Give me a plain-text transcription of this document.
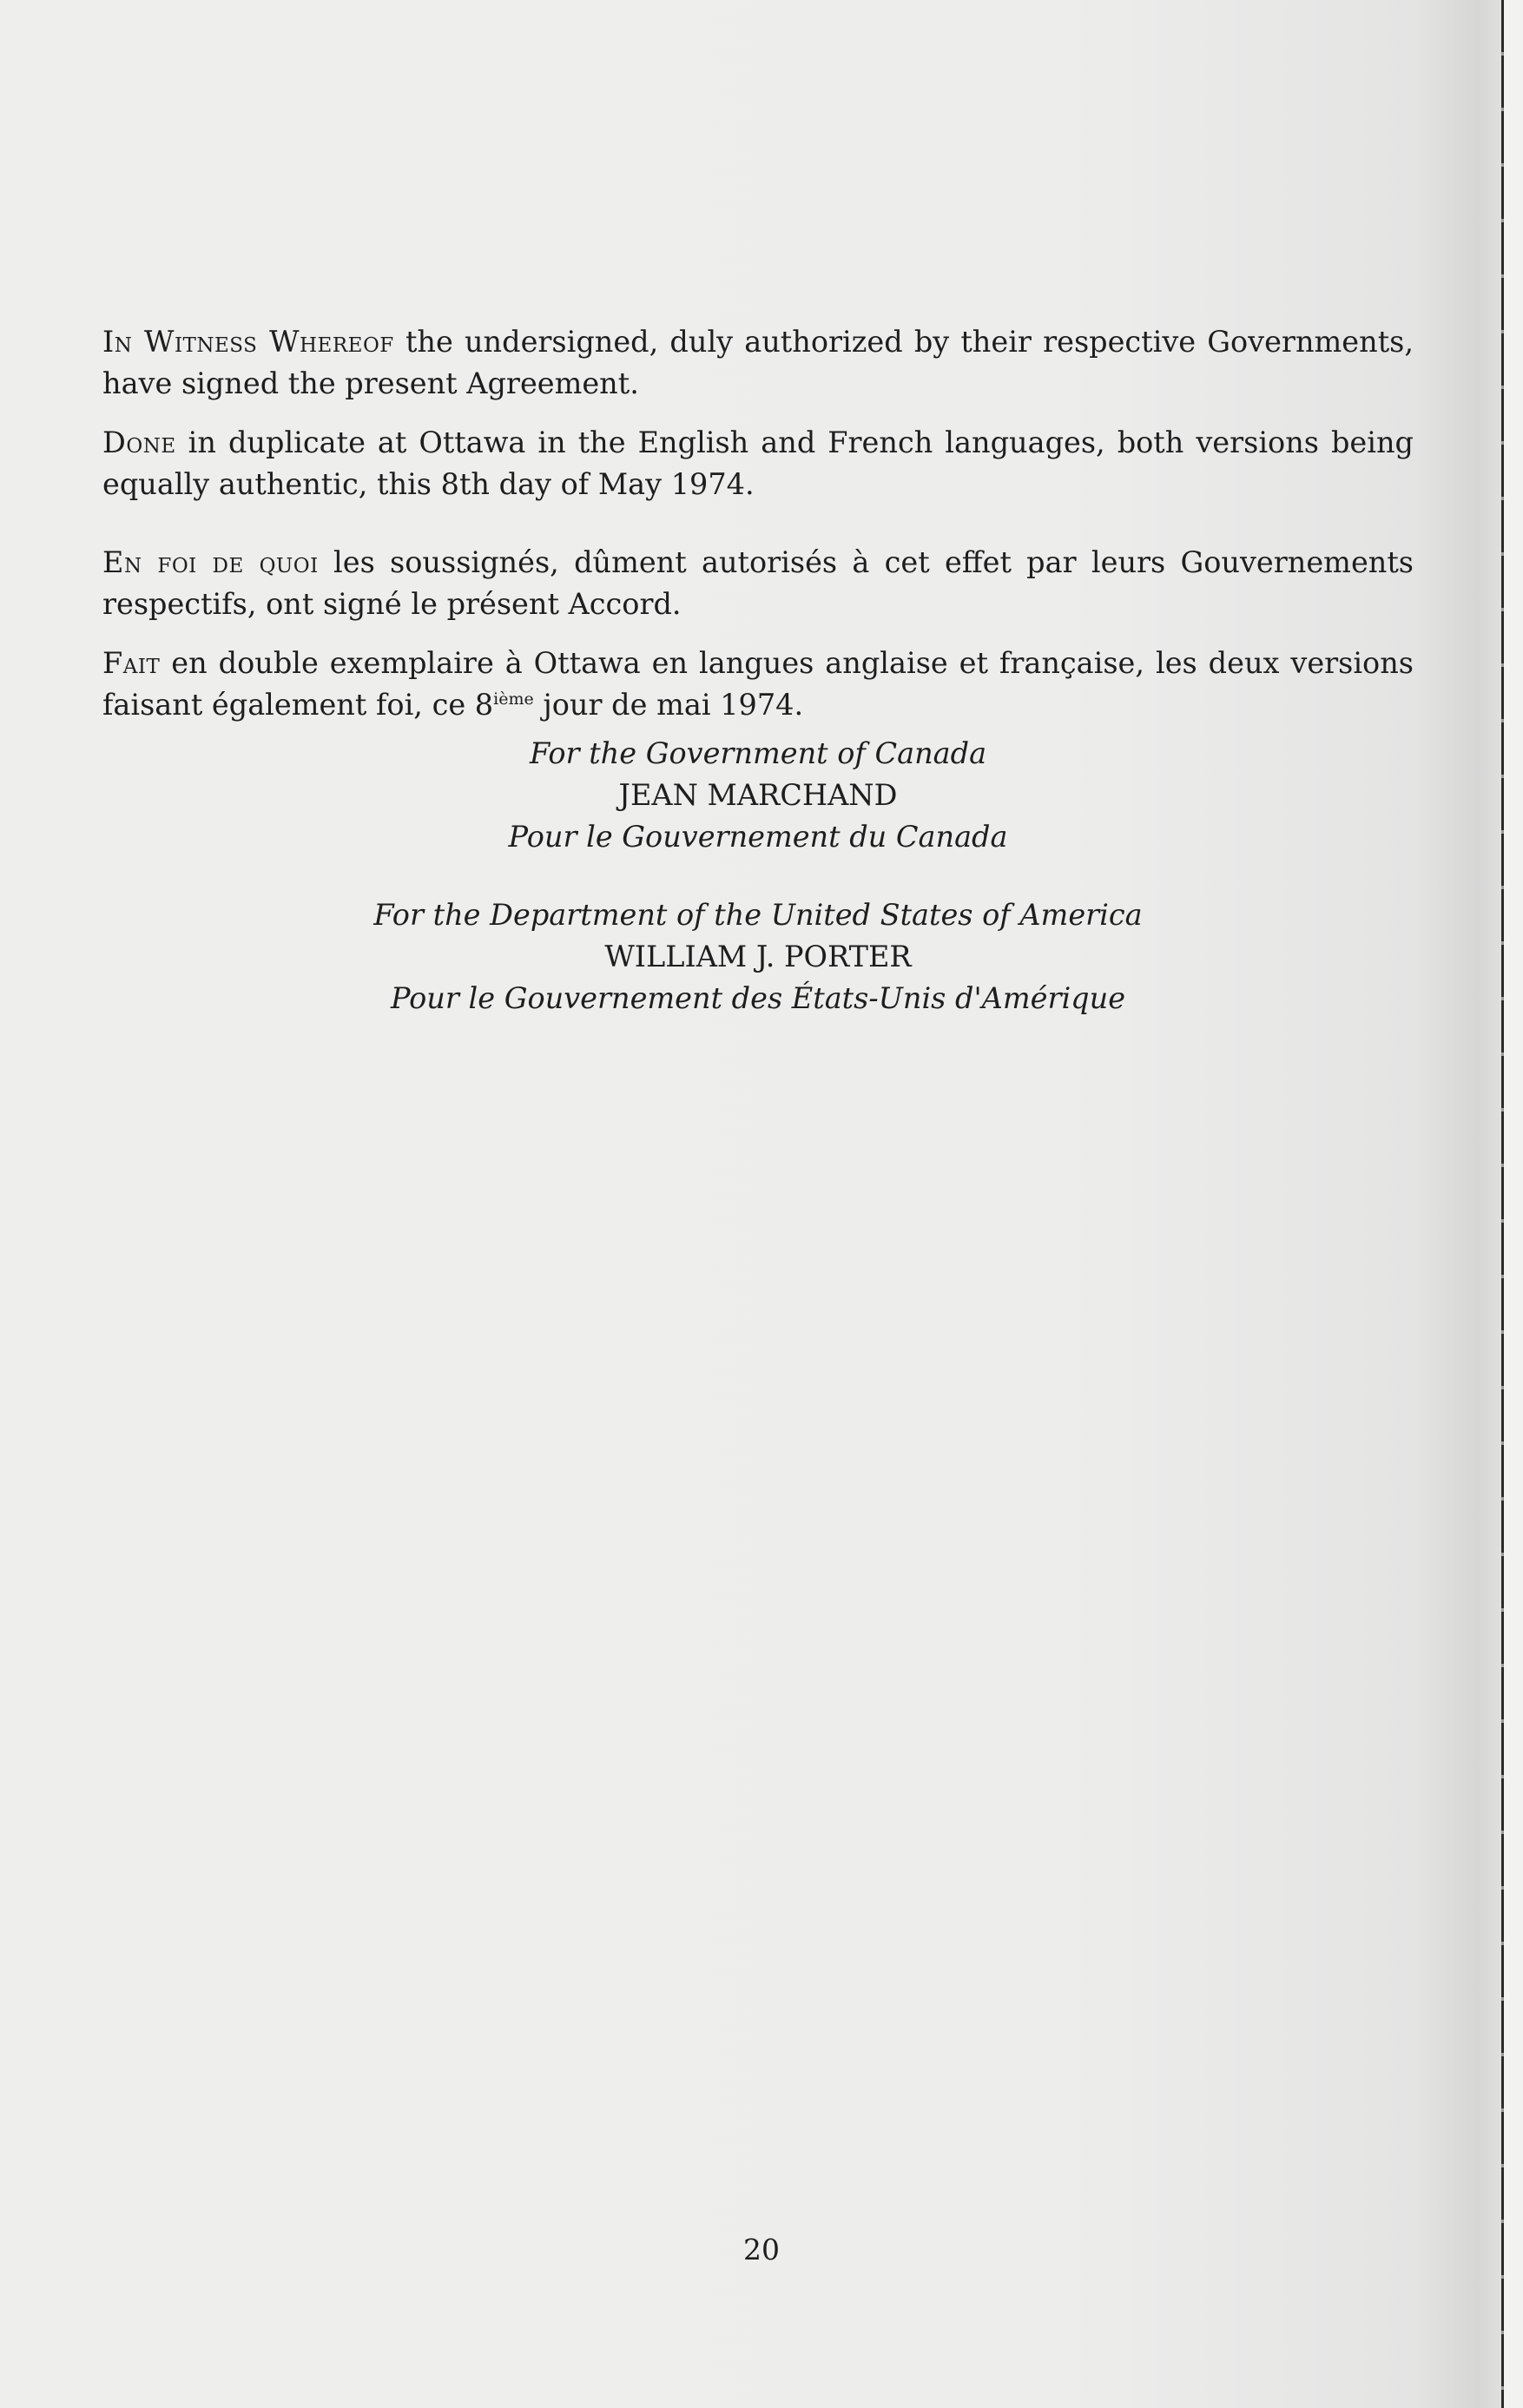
In Witness Whereof the undersigned, duly authorized by their respective Governments, have signed the present Agreement.

Done in duplicate at Ottawa in the English and French languages, both versions being equally authentic, this 8th day of May 1974.

En foi de quoi les soussignés, dûment autorisés à cet effet par leurs Gouvernements respectifs, ont signé le présent Accord.

Fait en double exemplaire à Ottawa en langues anglaise et française, les deux versions faisant également foi, ce 8ième jour de mai 1974.

For the Government of Canada
JEAN MARCHAND
Pour le Gouvernement du Canada
For the Department of the United States of America
WILLIAM J. PORTER
Pour le Gouvernement des États-Unis d'Amérique
20
